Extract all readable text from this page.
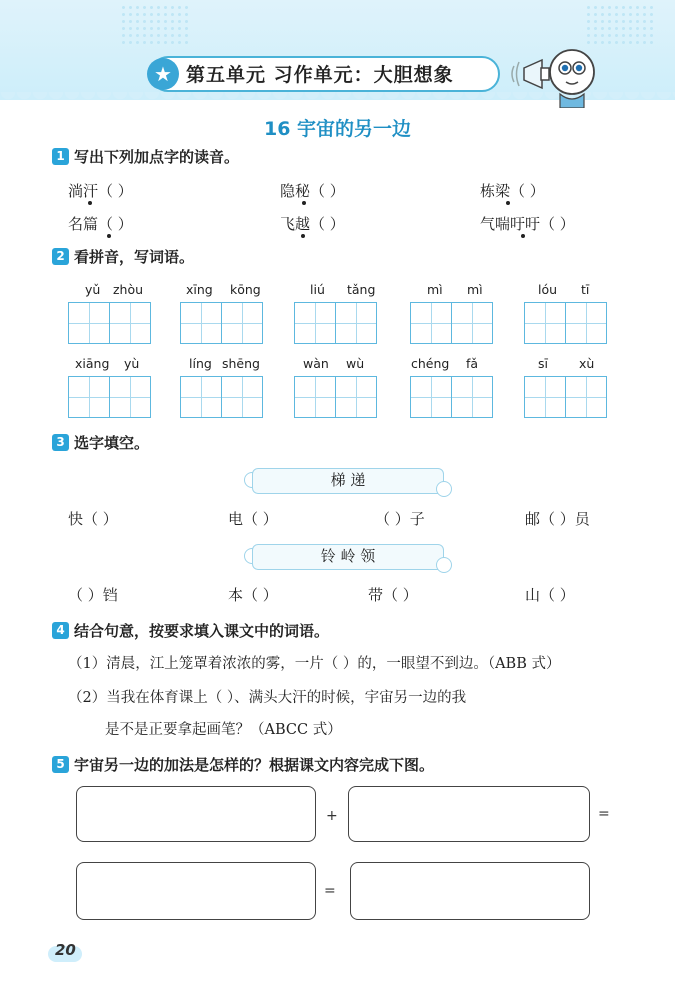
★ 第五单元 习作单元：大胆想象
16 宇宙的另一边
1 写出下列加点字的读音。
淌汗（ ）	隐秘（ ）	栋梁（ ）
名篇（ ）	飞越（ ）	气喘吁吁（ ）
2 看拼音，写词语。
yǔ zhòu	xīng kōng	liú tǎng	mì mì	lóu tī
xiāng yù	líng shēng	wàn wù	chéng fǎ	sī xù
3 选字填空。
梯 递
快（ ）	电（ ）	（ ）子	邮（ ）员
铃 岭 领
（ ）铛	本（ ）	带（ ）	山（ ）
4 结合句意，按要求填入课文中的词语。
（1）清晨，江上笼罩着浓浓的雾，一片（ ）的，一眼望不到边。（ABB 式）
（2）当我在体育课上（ ）、满头大汗的时候，宇宙另一边的我
是不是正要拿起画笔？（ABCC 式）
5 宇宙另一边的加法是怎样的？根据课文内容完成下图。
+	=
=
20
